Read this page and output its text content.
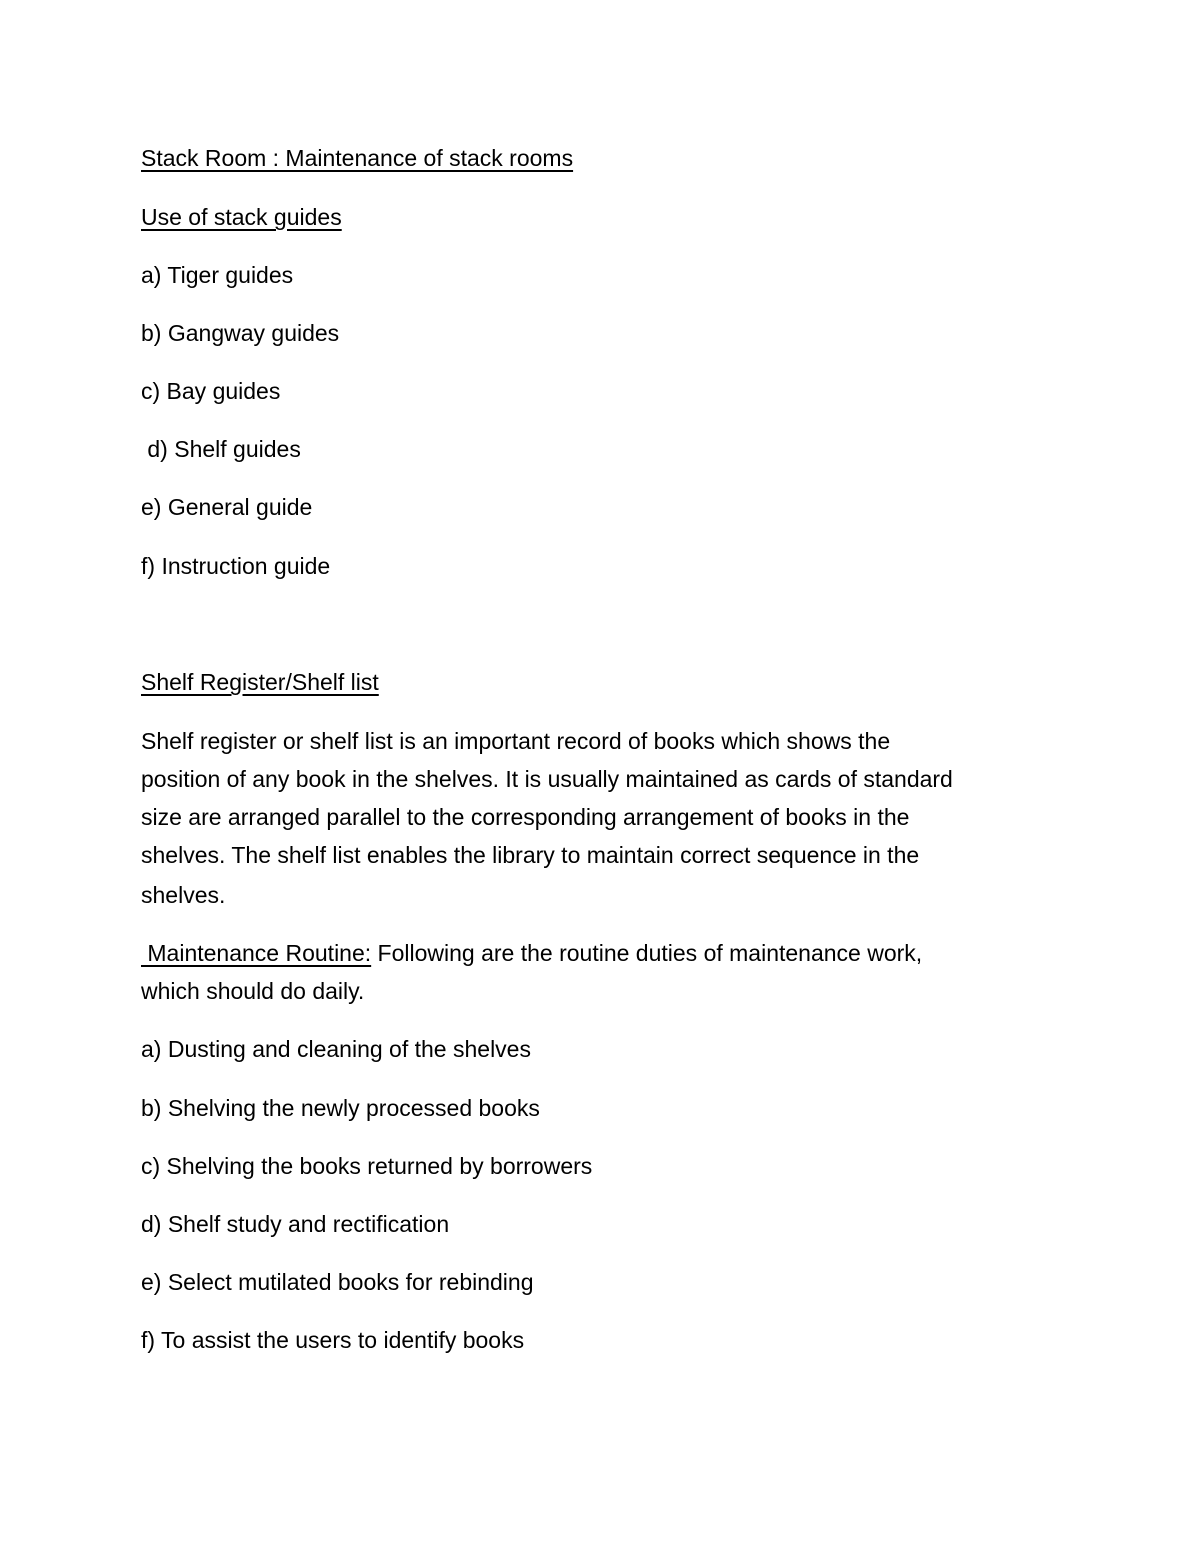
Stack Room : Maintenance of stack rooms
Use of stack guides
a) Tiger guides
b) Gangway guides
c) Bay guides
d) Shelf guides
e) General guide
f) Instruction guide
Shelf Register/Shelf list
Shelf register or shelf list is an important record of books which shows the
position of any book in the shelves. It is usually maintained as cards of standard
size are arranged parallel to the corresponding arrangement of books in the
shelves. The shelf list enables the library to maintain correct sequence in the
shelves.
Maintenance Routine: Following are the routine duties of maintenance work,
which should do daily.
a) Dusting and cleaning of the shelves
b) Shelving the newly processed books
c) Shelving the books returned by borrowers
d) Shelf study and rectification
e) Select mutilated books for rebinding
f) To assist the users to identify books
